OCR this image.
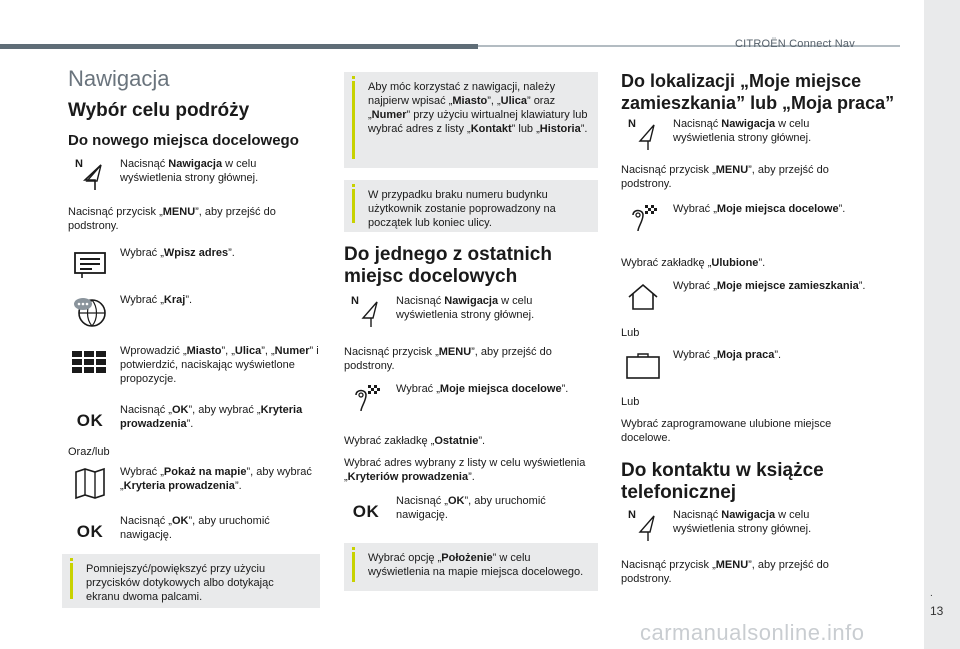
CITROËN Connect Nav
.
13
carmanualsonline.info
Nawigacja
Wybór celu podróży
Do nowego miejsca docelowego
N	Nacisnąć Nawigacja w celu wyświetlenia strony głównej.
Nacisnąć przycisk „MENU”, aby przejść do podstrony.
Wybrać „Wpisz adres”.
Wybrać „Kraj”.
Wprowadzić „Miasto”, „Ulica”, „Numer” i potwierdzić, naciskając wyświetlone propozycje.
OK
Nacisnąć „OK”, aby wybrać „Kryteria prowadzenia”.
Oraz/lub
Wybrać „Pokaż na mapie”, aby wybrać „Kryteria prowadzenia”.
OK
Nacisnąć „OK”, aby uruchomić nawigację.
Pomniejszyć/powiększyć przy użyciu przycisków dotykowych albo dotykając ekranu dwoma palcami.
Aby móc korzystać z nawigacji, należy najpierw wpisać „Miasto”, „Ulica” oraz „Numer” przy użyciu wirtualnej klawiatury lub wybrać adres z listy „Kontakt” lub „Historia”.
W przypadku braku numeru budynku użytkownik zostanie poprowadzony na początek lub koniec ulicy.
Do jednego z ostatnich miejsc docelowych
N	Nacisnąć Nawigacja w celu wyświetlenia strony głównej.
Nacisnąć przycisk „MENU”, aby przejść do podstrony.
Wybrać „Moje miejsca docelowe”.
Wybrać zakładkę „Ostatnie”.
Wybrać adres wybrany z listy w celu wyświetlenia „Kryteriów prowadzenia”.
OK
Nacisnąć „OK”, aby uruchomić nawigację.
Wybrać opcję „Położenie” w celu wyświetlenia na mapie miejsca docelowego.
Do lokalizacji „Moje miejsce zamieszkania” lub „Moja praca”
N	Nacisnąć Nawigacja w celu wyświetlenia strony głównej.
Nacisnąć przycisk „MENU”, aby przejść do podstrony.
Wybrać „Moje miejsca docelowe”.
Wybrać zakładkę „Ulubione”.
Wybrać „Moje miejsce zamieszkania”.
Lub
Wybrać „Moja praca”.
Lub
Wybrać zaprogramowane ulubione miejsce docelowe.
Do kontaktu w książce telefonicznej
N	Nacisnąć Nawigacja w celu wyświetlenia strony głównej.
Nacisnąć przycisk „MENU”, aby przejść do podstrony.
